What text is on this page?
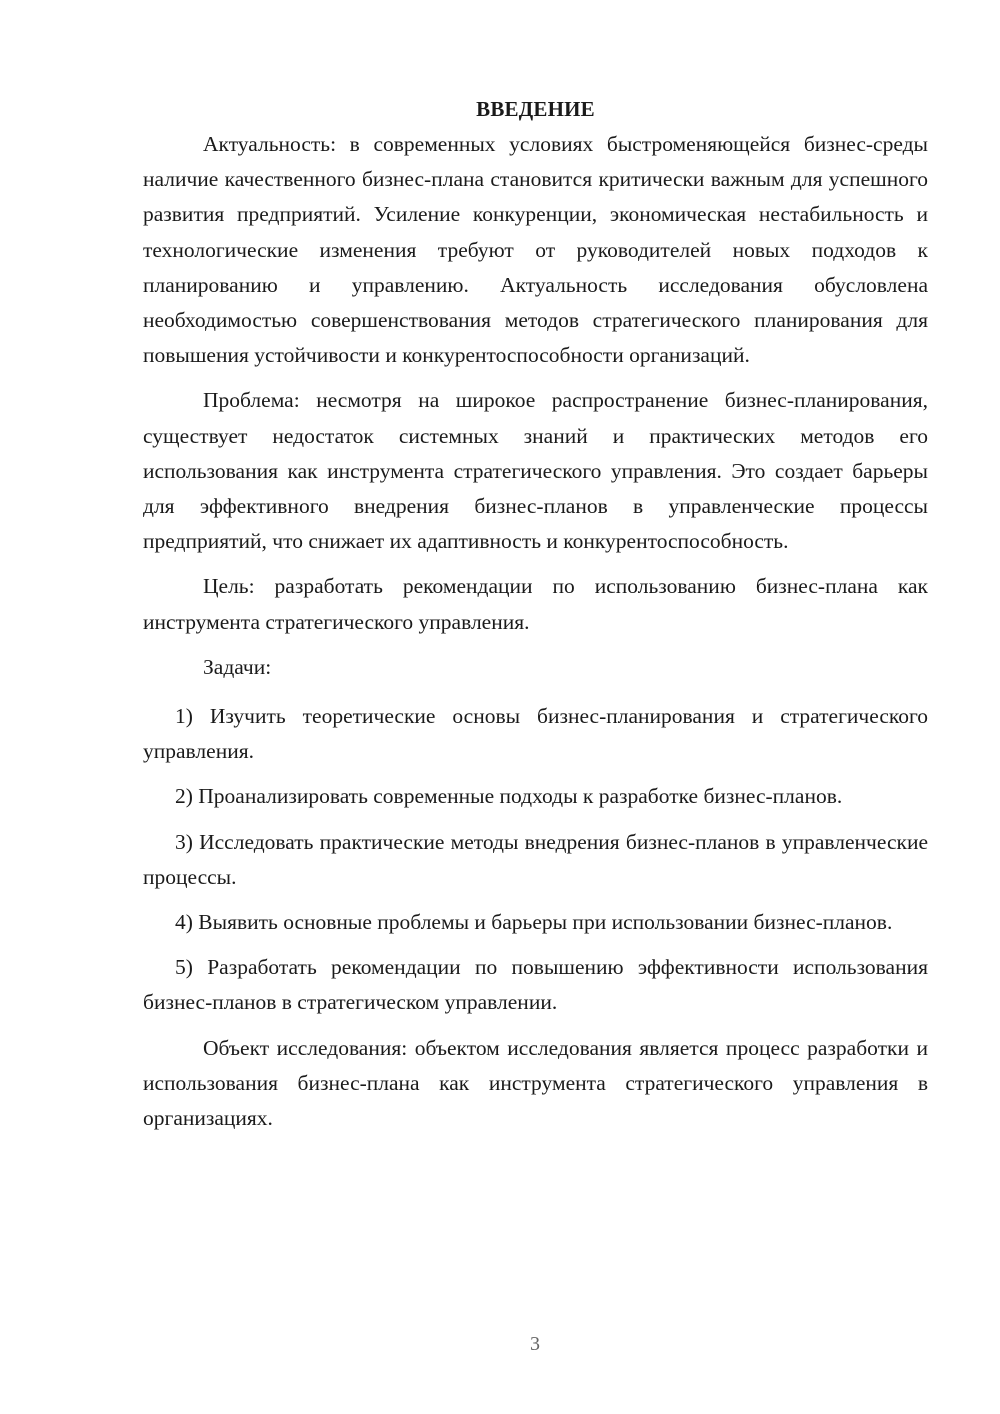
ВВЕДЕНИЕ

Актуальность: в современных условиях быстроменяющейся бизнес-среды наличие качественного бизнес-плана становится критически важным для успешного развития предприятий. Усиление конкуренции, экономическая нестабильность и технологические изменения требуют от руководителей новых подходов к планированию и управлению. Актуальность исследования обусловлена необходимостью совершенствования методов стратегического планирования для повышения устойчивости и конкурентоспособности организаций.

Проблема: несмотря на широкое распространение бизнес-планирования, существует недостаток системных знаний и практических методов его использования как инструмента стратегического управления. Это создает барьеры для эффективного внедрения бизнес-планов в управленческие процессы предприятий, что снижает их адаптивность и конкурентоспособность.

Цель: разработать рекомендации по использованию бизнес-плана как инструмента стратегического управления.

Задачи:

1) Изучить теоретические основы бизнес-планирования и стратегического управления.

2) Проанализировать современные подходы к разработке бизнес-планов.

3) Исследовать практические методы внедрения бизнес-планов в управленческие процессы.

4) Выявить основные проблемы и барьеры при использовании бизнес-планов.

5) Разработать рекомендации по повышению эффективности использования бизнес-планов в стратегическом управлении.

Объект исследования: объектом исследования является процесс разработки и использования бизнес-плана как инструмента стратегического управления в организациях.

3
